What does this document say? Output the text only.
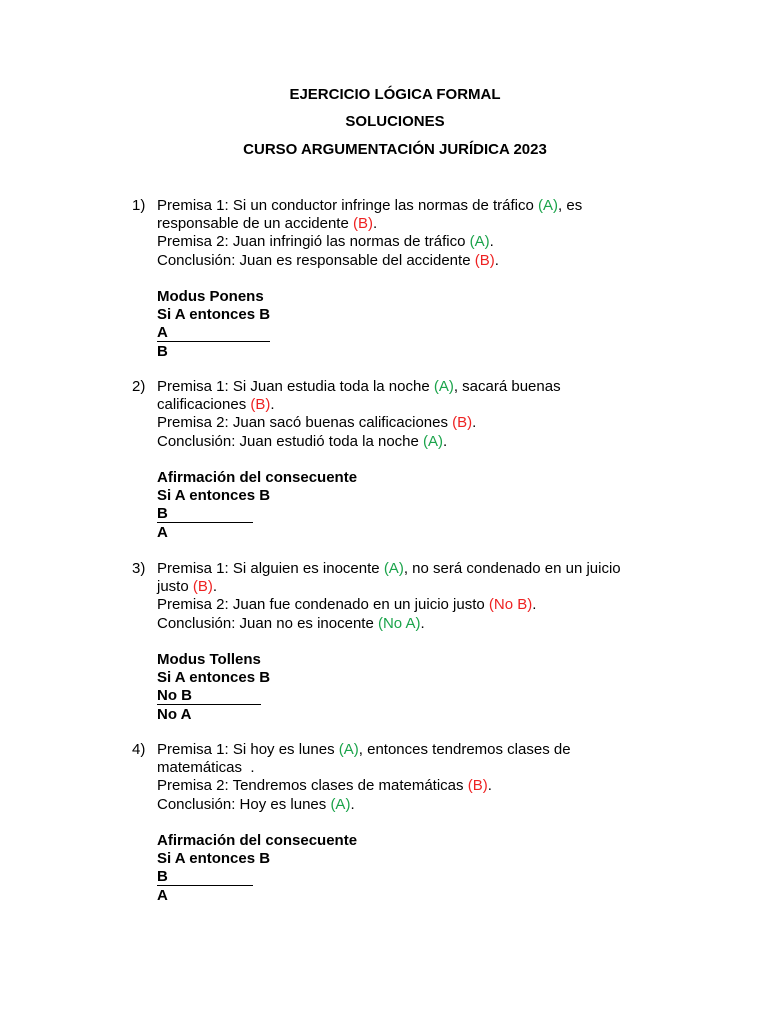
EJERCICIO LÓGICA FORMAL
SOLUCIONES
CURSO ARGUMENTACIÓN JURÍDICA 2023
1) Premisa 1: Si un conductor infringe las normas de tráfico (A), es
responsable de un accidente (B).
Premisa 2: Juan infringió las normas de tráfico (A).
Conclusión: Juan es responsable del accidente (B).
Modus Ponens
Si A entonces B
A
B
2) Premisa 1: Si Juan estudia toda la noche (A), sacará buenas
calificaciones (B).
Premisa 2: Juan sacó buenas calificaciones (B).
Conclusión: Juan estudió toda la noche (A).
Afirmación del consecuente
Si A entonces B
B
A
3) Premisa 1: Si alguien es inocente (A), no será condenado en un juicio
justo (B).
Premisa 2: Juan fue condenado en un juicio justo (No B).
Conclusión: Juan no es inocente (No A).
Modus Tollens
Si A entonces B
No B
No A
4) Premisa 1: Si hoy es lunes (A), entonces tendremos clases de
matemáticas  .
Premisa 2: Tendremos clases de matemáticas (B).
Conclusión: Hoy es lunes (A).
Afirmación del consecuente
Si A entonces B
B
A
